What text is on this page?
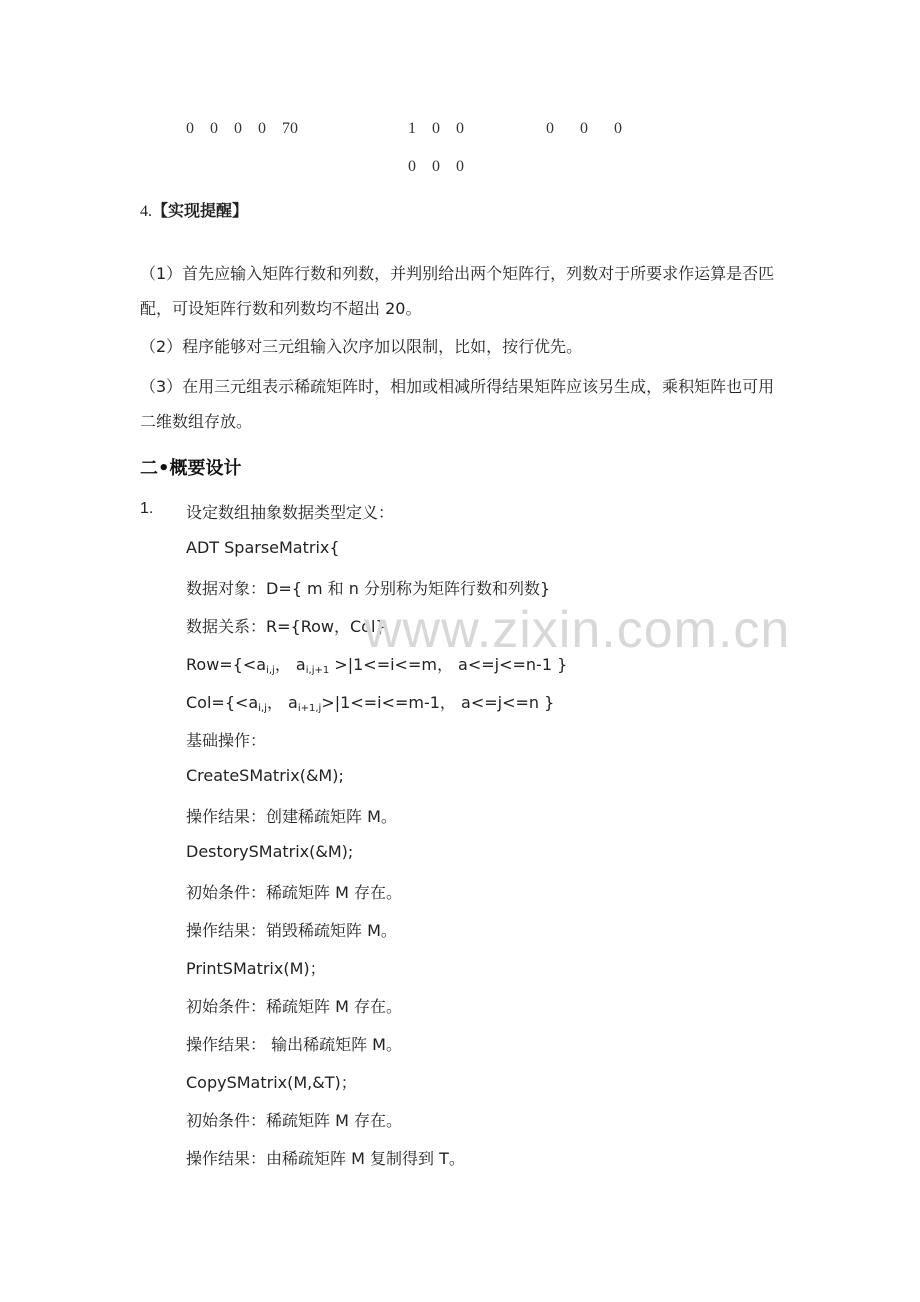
0 0 0 0 70	1 0 0	0 0 0
0 0 0
4.【实现提醒】
（1）首先应输入矩阵行数和列数，并判别给出两个矩阵行，列数对于所要求作运算是否匹配，可设矩阵行数和列数均不超出 20。
（2）程序能够对三元组输入次序加以限制，比如，按行优先。
（3）在用三元组表示稀疏矩阵时，相加或相减所得结果矩阵应该另生成，乘积矩阵也可用二维数组存放。
二•概要设计
1. 设定数组抽象数据类型定义：
ADT SparseMatrix{
数据对象：D={ m 和 n 分别称为矩阵行数和列数}
数据关系：R={Row，Col}
$Row=\{<a_{i,j}$， $a_{i,j+1} >|1<=i<=m$， a<=j<=n-1 }
$Col=\{<a_{i,j}$， $a_{i+1,j}>|1<=i<=m-1$， a<=j<=n }
基础操作：
CreateSMatrix(&M);
操作结果：创建稀疏矩阵 M。
DestorySMatrix(&M);
初始条件：稀疏矩阵 M 存在。
操作结果：销毁稀疏矩阵 M。
PrintSMatrix(M)；
初始条件：稀疏矩阵 M 存在。
操作结果： 输出稀疏矩阵 M。
CopySMatrix(M,&T)；
初始条件：稀疏矩阵 M 存在。
操作结果：由稀疏矩阵 M 复制得到 T。
www.zixin.com.cn
